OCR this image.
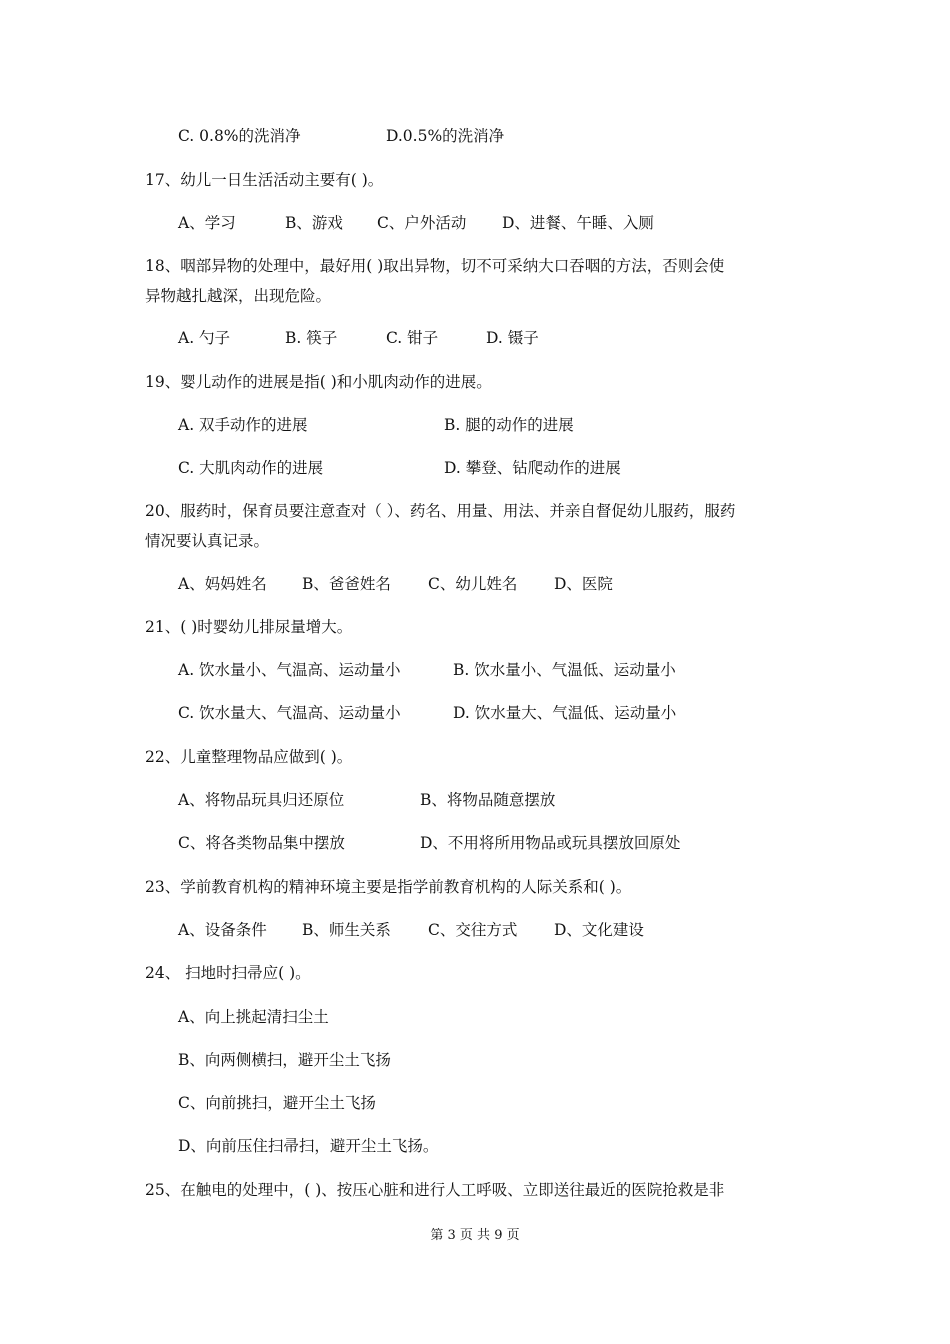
C. 0.8%的洗消净	D.0.5%的洗消净
17、幼儿一日生活活动主要有( )。
A、学习	B、游戏 C、户外活动 D、进餐、午睡、入厕
18、咽部异物的处理中，最好用( )取出异物，切不可采纳大口吞咽的方法，否则会使
异物越扎越深，出现危险。
A. 勺子	B. 筷子	C. 钳子	D. 镊子
19、婴儿动作的进展是指( )和小肌肉动作的进展。
A. 双手动作的进展	B. 腿的动作的进展
C. 大肌肉动作的进展	D. 攀登、钻爬动作的进展
20、服药时，保育员要注意查对（ ）、药名、用量、用法、并亲自督促幼儿服药，服药
情况要认真记录。
A、妈妈姓名 B、爸爸姓名 C、幼儿姓名 D、医院
21、( )时婴幼儿排尿量增大。
A. 饮水量小、气温高、运动量小	B. 饮水量小、气温低、运动量小
C. 饮水量大、气温高、运动量小	D. 饮水量大、气温低、运动量小
22、儿童整理物品应做到( )。
A、将物品玩具归还原位	B、将物品随意摆放
C、将各类物品集中摆放	D、不用将所用物品或玩具摆放回原处
23、学前教育机构的精神环境主要是指学前教育机构的人际关系和( )。
A、设备条件 B、师生关系 C、交往方式 D、文化建设
24、 扫地时扫帚应( )。
A、向上挑起清扫尘土
B、向两侧横扫，避开尘土飞扬
C、向前挑扫，避开尘土飞扬
D、向前压住扫帚扫，避开尘土飞扬。
25、在触电的处理中，( )、按压心脏和进行人工呼吸、立即送往最近的医院抢救是非
第 3 页 共 9 页
